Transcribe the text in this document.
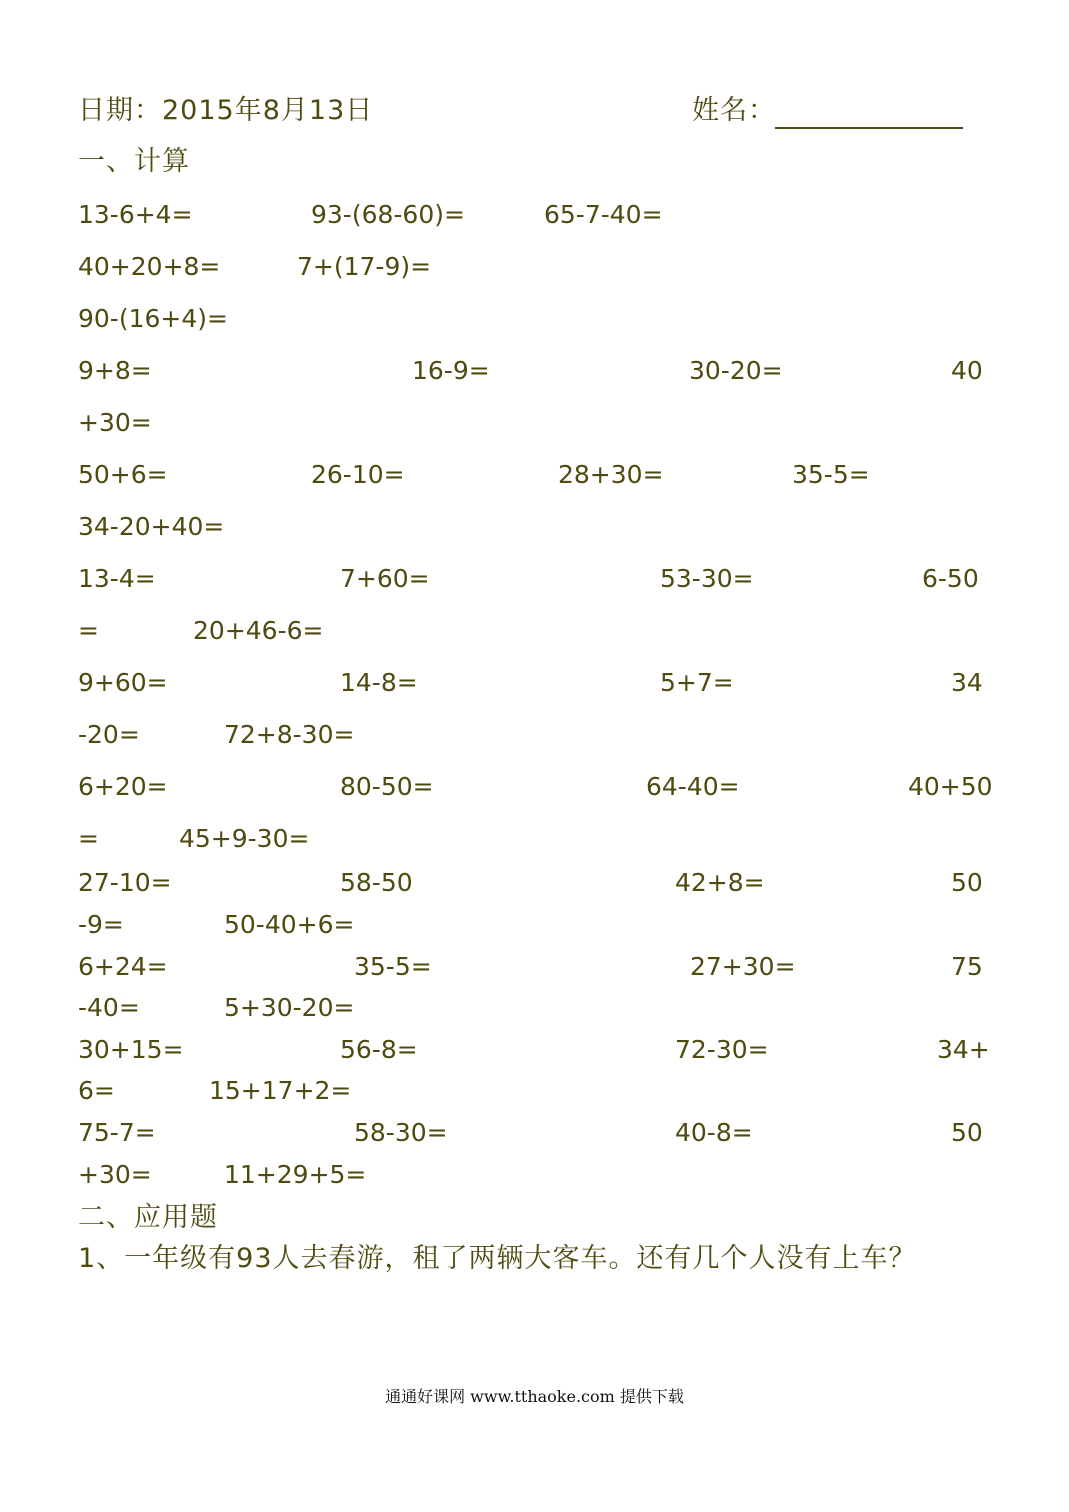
日期：2015年8月13日	姓名：
一、计算
13-6+4=	93-(68-60)=	65-7-40=
40+20+8=	7+(17-9)=
90-(16+4)=
9+8=	16-9=	30-20=	40
+30=
50+6=	26-10=	28+30=	35-5=
34-20+40=
13-4=	7+60=	53-30=	6-50
=	20+46-6=
9+60=	14-8=	5+7=	34
-20=	72+8-30=
6+20=	80-50=	64-40=	40+50
=	45+9-30=
27-10=	58-50	42+8=	50
-9=	50-40+6=
6+24=	35-5=	27+30=	75
-40=	5+30-20=
30+15=	56-8=	72-30=	34+
6=	15+17+2=
75-7=	58-30=	40-8=	50
+30=	11+29+5=
二、应用题
1、一年级有93人去春游，租了两辆大客车。还有几个人没有上车？
通通好课网 www.tthaoke.com 提供下载
